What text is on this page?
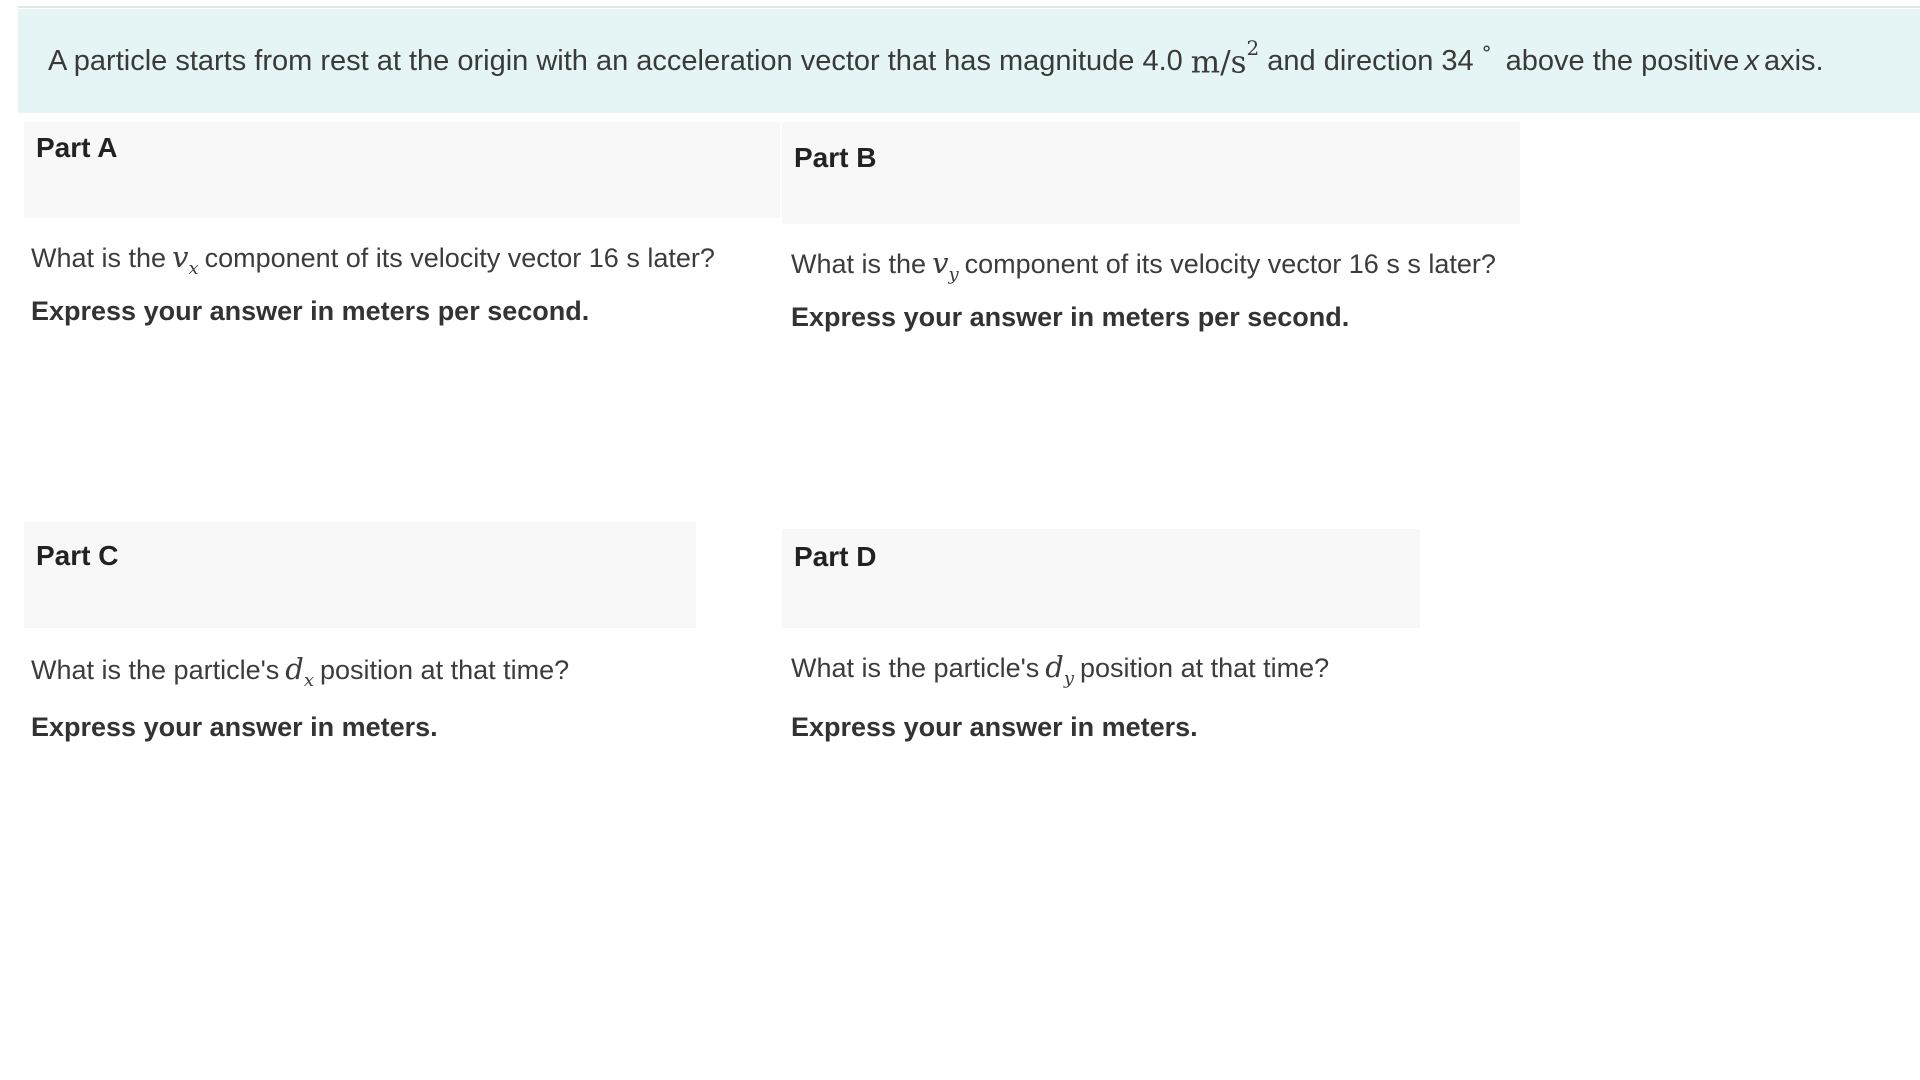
A particle starts from rest at the origin with an acceleration vector that has magnitude 4.0 $m/s^2$ and direction 34 ° above the positive x axis.
Part A
What is the $v_x$ component of its velocity vector 16 s later?
Express your answer in meters per second.
Part B
What is the $v_y$ component of its velocity vector 16 s s later?
Express your answer in meters per second.
Part C
What is the particle's $d_x$ position at that time?
Express your answer in meters.
Part D
What is the particle's $d_y$ position at that time?
Express your answer in meters.
